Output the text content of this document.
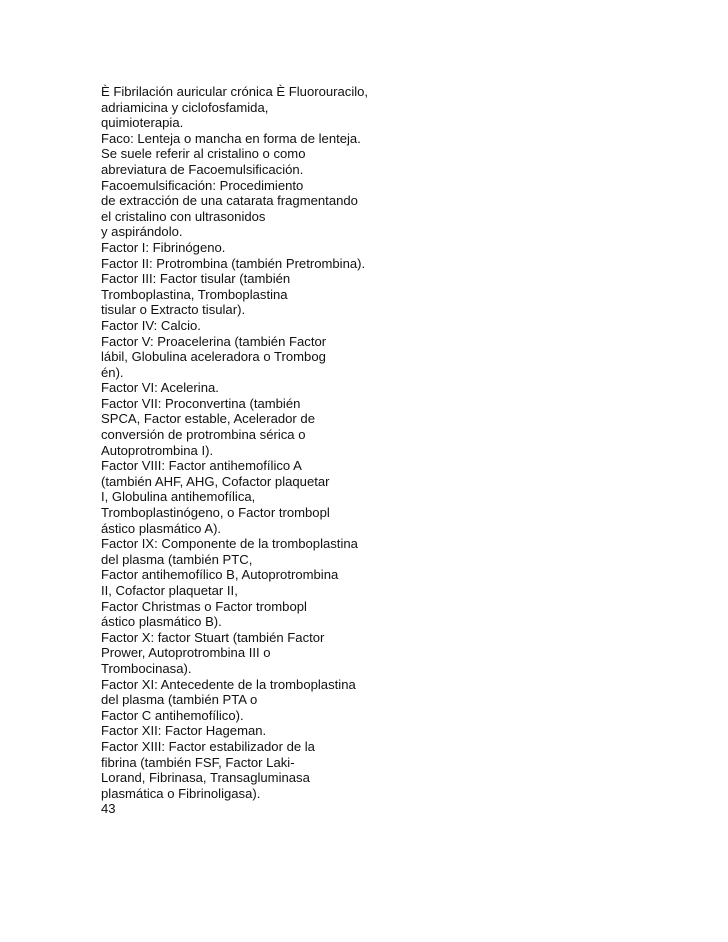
È Fibrilación auricular crónica È Fluorouracilo,
adriamicina y ciclofosfamida,
quimioterapia.
Faco: Lenteja o mancha en forma de lenteja.
Se suele referir al cristalino o como
abreviatura de Facoemulsificación.
Facoemulsificación: Procedimiento
de extracción de una catarata fragmentando
el cristalino con ultrasonidos
y aspirándolo.
Factor I: Fibrinógeno.
Factor II: Protrombina (también Pretrombina).
Factor III: Factor tisular (también
Tromboplastina, Tromboplastina
tisular o Extracto tisular).
Factor IV: Calcio.
Factor V: Proacelerina (también Factor
lábil, Globulina aceleradora o Trombog
én).
Factor VI: Acelerina.
Factor VII: Proconvertina (también
SPCA, Factor estable, Acelerador de
conversión de protrombina sérica o
Autoprotrombina I).
Factor VIII: Factor antihemofílico A
(también AHF, AHG, Cofactor plaquetar
I, Globulina antihemofílica,
Tromboplastinógeno, o Factor trombopl
ástico plasmático A).
Factor IX: Componente de la tromboplastina
del plasma (también PTC,
Factor antihemofílico B, Autoprotrombina
II, Cofactor plaquetar II,
Factor Christmas o Factor trombopl
ástico plasmático B).
Factor X: factor Stuart (también Factor
Prower, Autoprotrombina III o
Trombocinasa).
Factor XI: Antecedente de la tromboplastina
del plasma (también PTA o
Factor C antihemofílico).
Factor XII: Factor Hageman.
Factor XIII: Factor estabilizador de la
fibrina (también FSF, Factor Laki-
Lorand, Fibrinasa, Transagluminasa
plasmática o Fibrinoligasa).
43
